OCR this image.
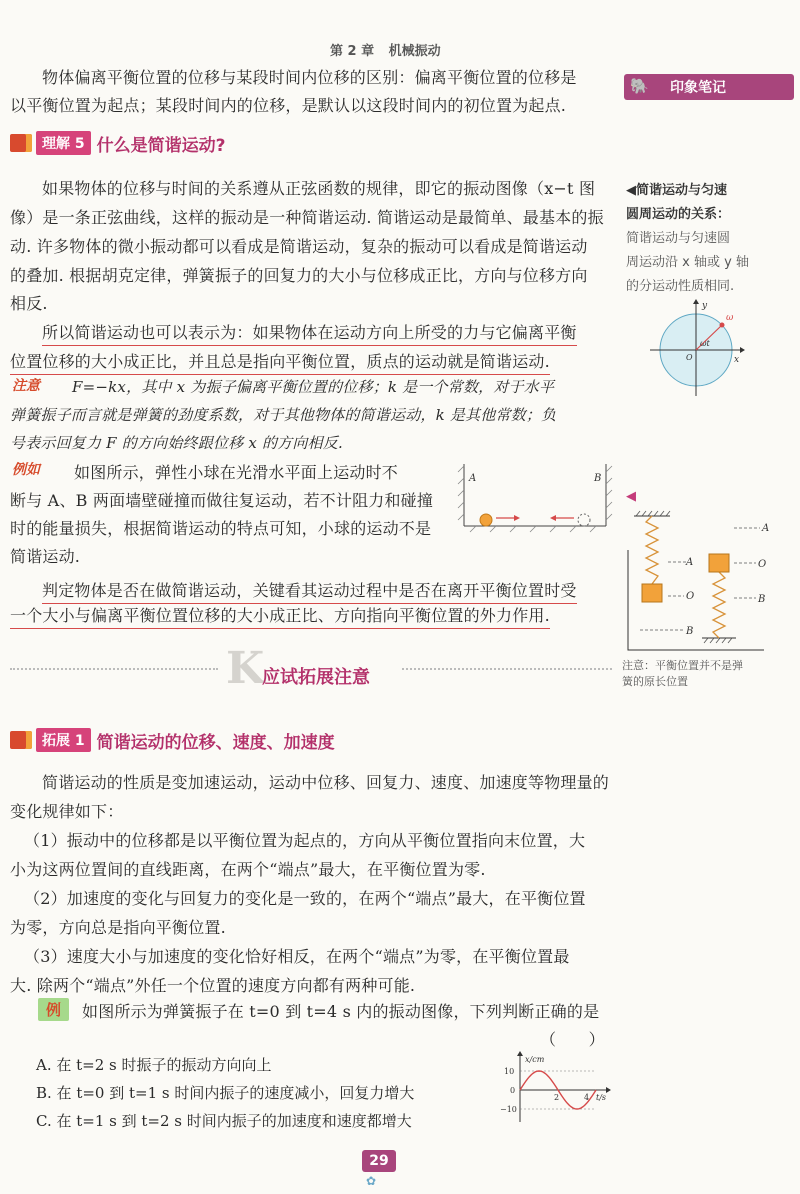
第 2 章 机械振动
物体偏离平衡位置的位移与某段时间内位移的区别：偏离平衡位置的位移是
以平衡位置为起点；某段时间内的位移，是默认以这段时间内的初位置为起点.
🐘 印象笔记
理解 5 什么是简谐运动?
如果物体的位移与时间的关系遵从正弦函数的规律，即它的振动图像（x−t 图
像）是一条正弦曲线，这样的振动是一种简谐运动. 简谐运动是最简单、最基本的振
动. 许多物体的微小振动都可以看成是简谐运动，复杂的振动可以看成是简谐运动
的叠加. 根据胡克定律，弹簧振子的回复力的大小与位移成正比，方向与位移方向
相反.
所以简谐运动也可以表示为：如果物体在运动方向上所受的力与它偏离平衡
位置位移的大小成正比，并且总是指向平衡位置，质点的运动就是简谐运动.
注意 F=−kx，其中 x 为振子偏离平衡位置的位移；k 是一个常数，对于水平
弹簧振子而言就是弹簧的劲度系数，对于其他物体的简谐运动，k 是其他常数；负
号表示回复力 F 的方向始终跟位移 x 的方向相反.
例如 如图所示，弹性小球在光滑水平面上运动时不
断与 A、B 两面墙壁碰撞而做往复运动，若不计阻力和碰撞
时的能量损失，根据简谐运动的特点可知，小球的运动不是
简谐运动.
A	B
判定物体是否在做简谐运动，关键看其运动过程中是否在离开平衡位置时受
一个大小与偏离平衡位置位移的大小成正比、方向指向平衡位置的外力作用.
◀简谐运动与匀速
圆周运动的关系：
简谐运动与匀速圆
周运动沿 x 轴或 y 轴
的分运动性质相同.
y
x
O
ω
ωt
◀
A
A	O
O	B
B
注意：平衡位置并不是弹
簧的原长位置
K
应试拓展注意
拓展 1 简谐运动的位移、速度、加速度
简谐运动的性质是变加速运动，运动中位移、回复力、速度、加速度等物理量的
变化规律如下：
（1）振动中的位移都是以平衡位置为起点的，方向从平衡位置指向末位置，大
小为这两位置间的直线距离，在两个“端点”最大，在平衡位置为零.
（2）加速度的变化与回复力的变化是一致的，在两个“端点”最大，在平衡位置
为零，方向总是指向平衡位置.
（3）速度大小与加速度的变化恰好相反，在两个“端点”为零，在平衡位置最
大. 除两个“端点”外任一个位置的速度方向都有两种可能.
例	如图所示为弹簧振子在 t=0 到 t=4 s 内的振动图像，下列判断正确的是
（　　）
A. 在 t=2 s 时振子的振动方向向上
B. 在 t=0 到 t=1 s 时间内振子的速度减小，回复力增大
C. 在 t=1 s 到 t=2 s 时间内振子的加速度和速度都增大
x/cm
10
0
−10
2	4 t/s
29
✿
